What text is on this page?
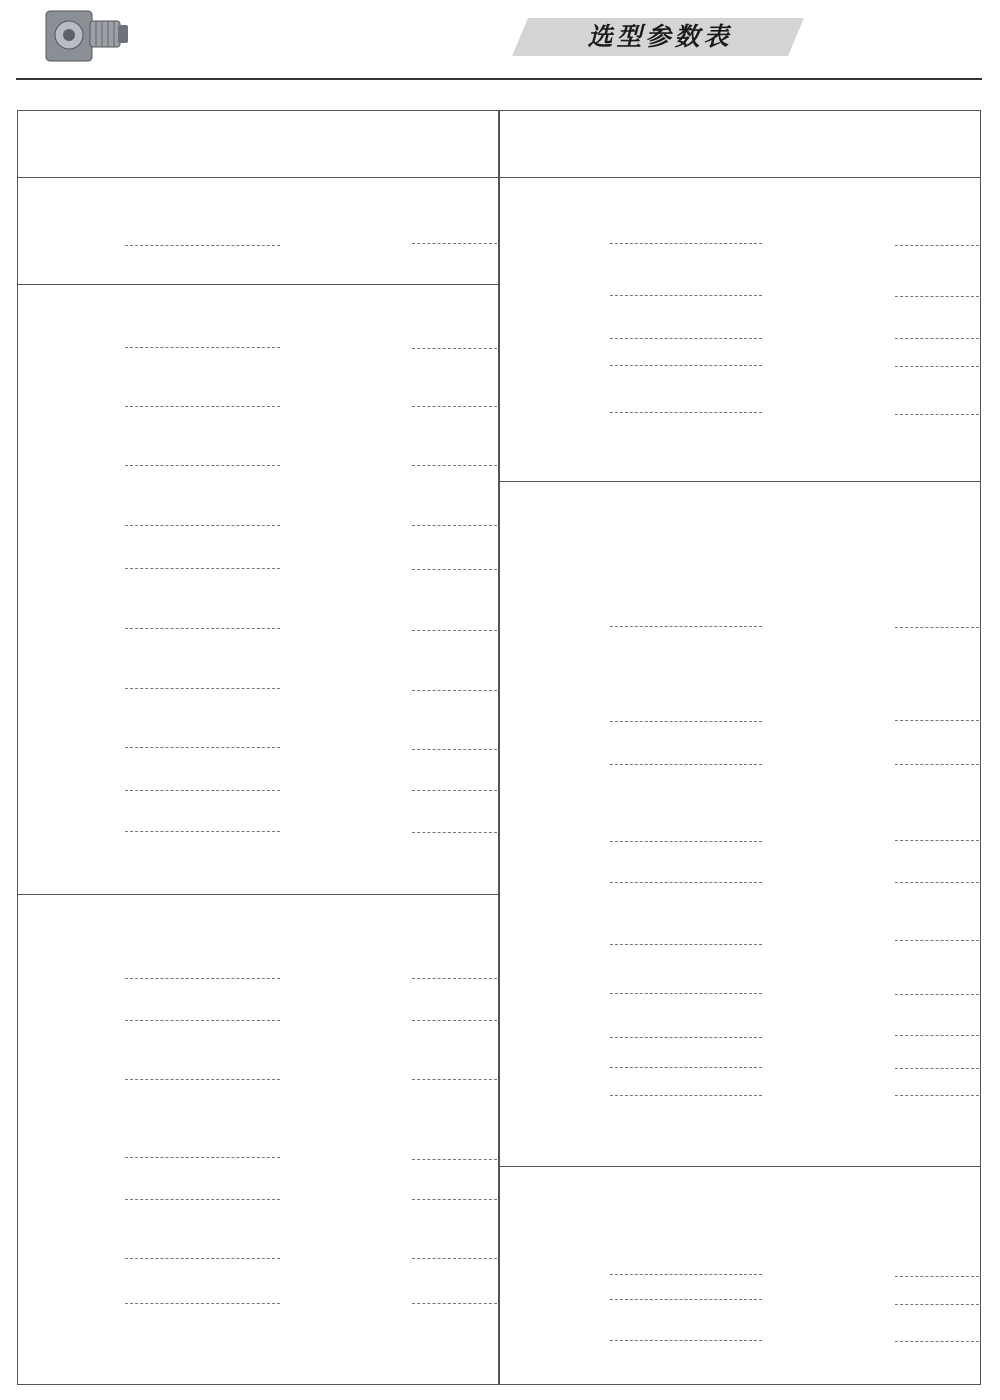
选型参数表
